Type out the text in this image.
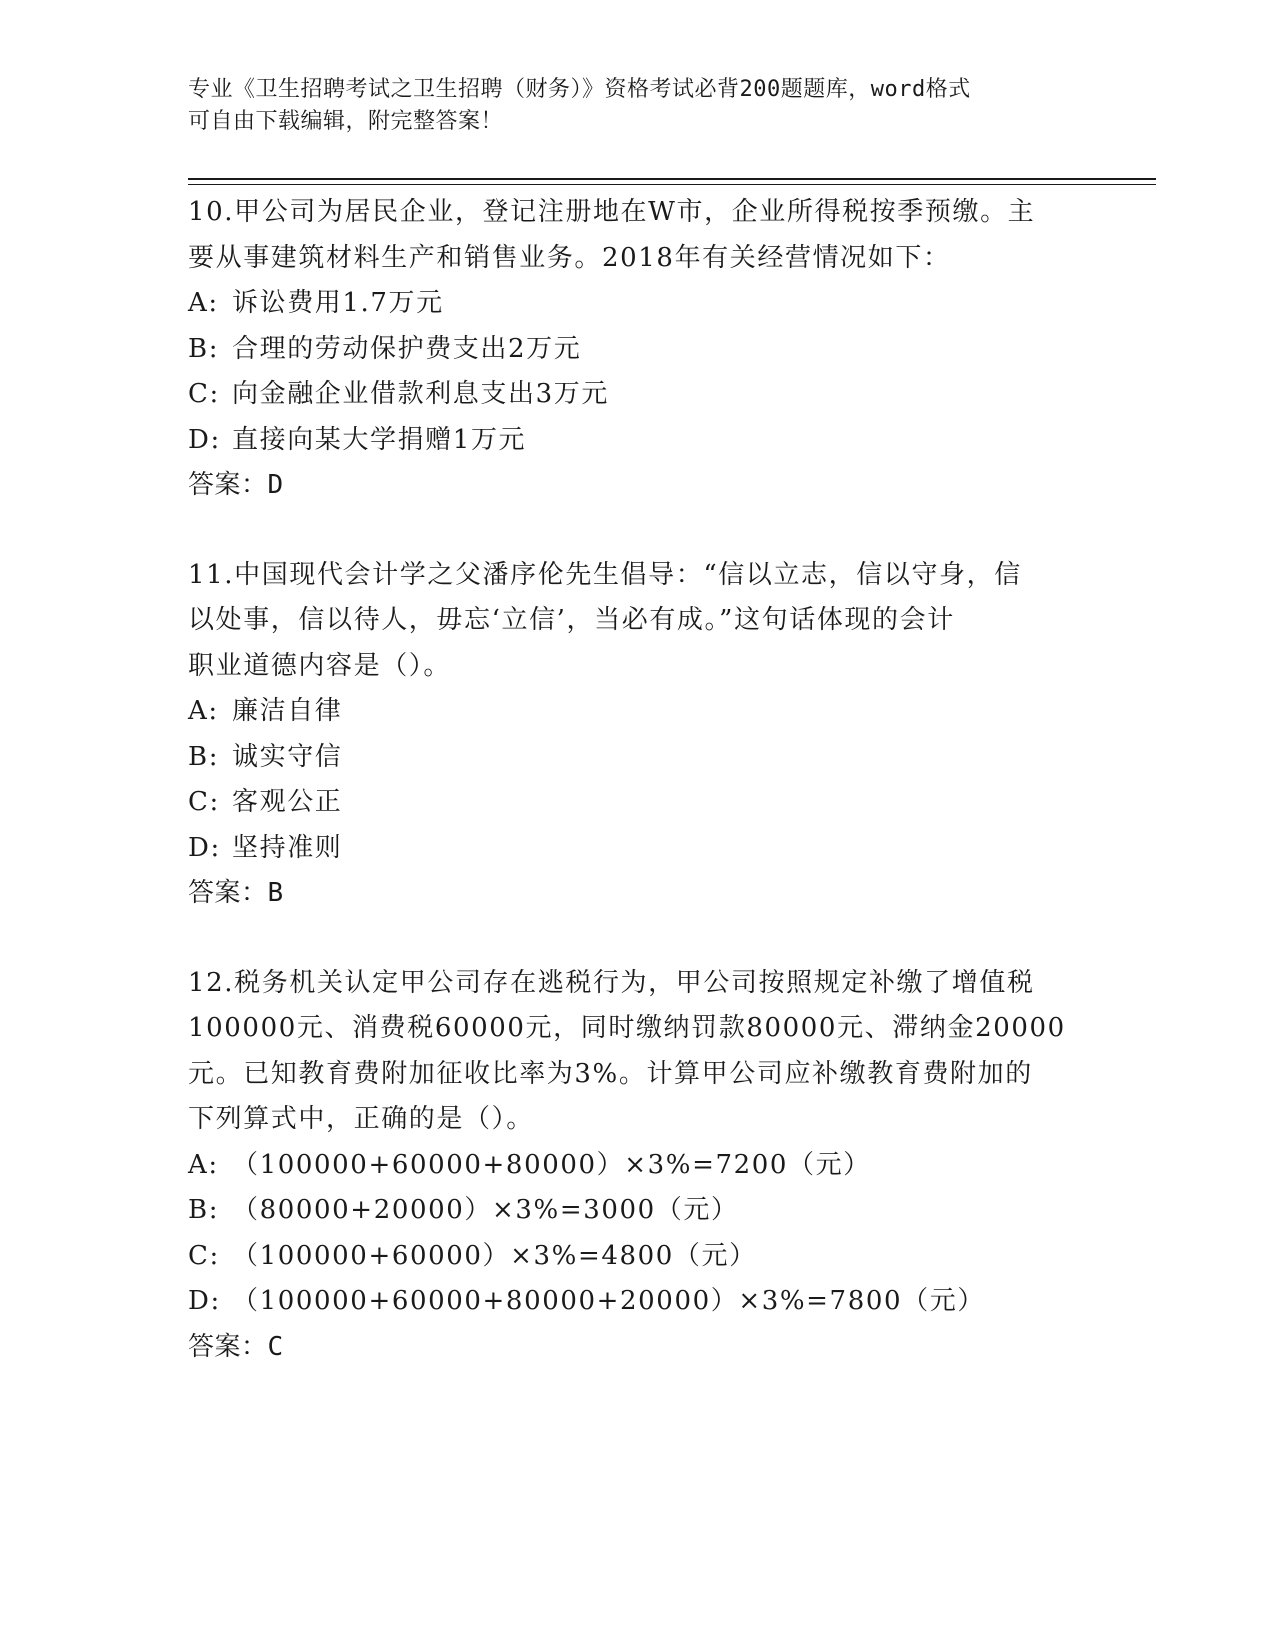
专业《卫生招聘考试之卫生招聘（财务）》资格考试必背200题题库，word格式
可自由下载编辑，附完整答案！

10.甲公司为居民企业，登记注册地在W市，企业所得税按季预缴。主

要从事建筑材料生产和销售业务。2018年有关经营情况如下：

A: 诉讼费用1.7万元

B: 合理的劳动保护费支出2万元

C: 向金融企业借款利息支出3万元

D: 直接向某大学捐赠1万元

答案：D

11.中国现代会计学之父潘序伦先生倡导：“信以立志，信以守身，信

以处事，信以待人，毋忘‘立信’，当必有成。”这句话体现的会计

职业道德内容是（）。

A: 廉洁自律

B: 诚实守信

C: 客观公正

D: 坚持准则

答案：B

12.税务机关认定甲公司存在逃税行为，甲公司按照规定补缴了增值税

100000元、消费税60000元，同时缴纳罚款80000元、滞纳金20000

元。已知教育费附加征收比率为3%。计算甲公司应补缴教育费附加的

下列算式中，正确的是（）。

A: （100000+60000+80000）×3%=7200（元）

B: （80000+20000）×3%=3000（元）

C: （100000+60000）×3%=4800（元）

D: （100000+60000+80000+20000）×3%=7800（元）

答案：C
